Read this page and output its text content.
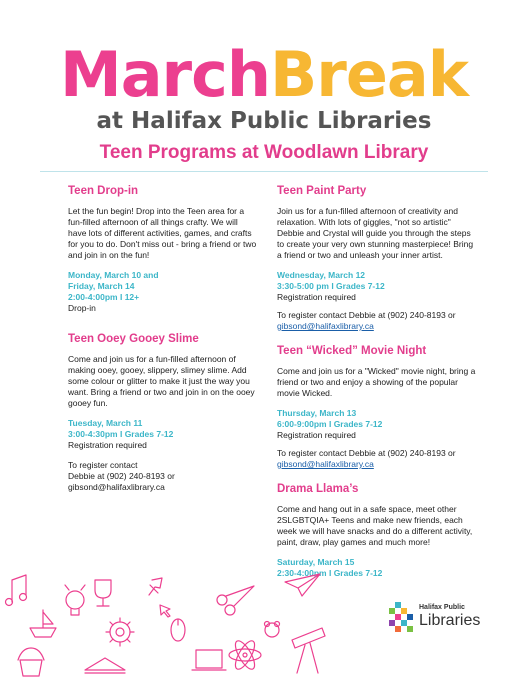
MarchBreak
at Halifax Public Libraries
Teen Programs at Woodlawn Library
Teen Drop-in

Let the fun begin! Drop into the Teen area for a fun-filled afternoon of all things crafty. We will have lots of different activities, games, and crafts for you to do. Don't miss out - bring a friend or two and join in on the fun!

Monday, March 10 and
Friday, March 14
2:00-4:00pm I 12+
Drop-in
Teen Ooey Gooey Slime

Come and join us for a fun-filled afternoon of making ooey, gooey, slippery, slimey slime. Add some colour or glitter to make it just the way you want. Bring a friend or two and join in on the ooey gooey fun.

Tuesday, March 11
3:00-4:30pm I Grades 7-12
Registration required
To register contact
Debbie at (902) 240-8193 or
gibsond@halifaxlibrary.ca
Teen Paint Party

Join us for a fun-filled afternoon of creativity and relaxation. With lots of giggles, "not so artistic" Debbie and Crystal will guide you through the steps to create your very own stunning masterpiece! Bring a friend or two and unleash your inner artist.

Wednesday, March 12
3:30-5:00 pm I Grades 7-12
Registration required
To register contact Debbie at (902) 240-8193 or
gibsond@halifaxlibrary.ca
Teen “Wicked” Movie Night

Come and join us for a "Wicked" movie night, bring a friend or two and enjoy a showing of the popular movie Wicked.

Thursday, March 13
6:00-9:00pm I Grades 7-12
Registration required
To register contact Debbie at (902) 240-8193 or
gibsond@halifaxlibrary.ca
Drama Llama’s

Come and hang out in a safe space, meet other 2SLGBTQIA+ Teens and make new friends, each week we will have snacks and do a different activity, paint, draw, play games and much more!

Saturday, March 15
2:30-4:00pm I Grades 7-12
Halifax Public
Libraries
